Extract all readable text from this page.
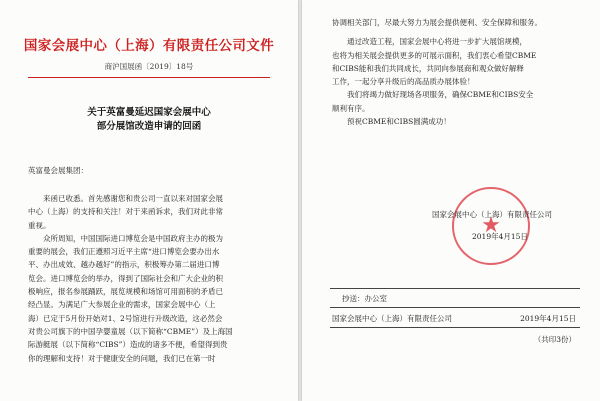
国家会展中心（上海）有限责任公司文件
商沪国展函〔2019〕18号
关于英富曼延迟国家会展中心
部分展馆改造申请的回函
英富曼会展集团：

来函已收悉。首先感谢您和贵公司一直以来对国家会展
中心（上海）的支持和关注！对于来函诉求，我们对此非常
重视。

众所周知，中国国际进口博览会是中国政府主办的极为
重要的展会，我们正遵照习近平主席“进口博览会要办出水
平、办出成效、越办越好”的指示，积极筹办第二届进口博
览会。进口博览会的举办，得到了国际社会和广大企业的积
极响应，报名参展踊跃，展览规模和场馆可用面积的矛盾已
经凸显。为满足广大参展企业的需求，国家会展中心（上
海）已定于5月份开始对1、2号馆进行升级改造，这必然会
对贵公司旗下的中国孕婴童展（以下简称“CBME”）及上海国
际游艇展（以下简称“CIBS”）造成的诸多不便，希望得到贵
你的理解和支持！对于健康安全的问题，我们已在第一时

协调相关部门，尽最大努力为展会提供便利、安全保障和服务。

通过改造工程，国家会展中心将进一步扩大展馆规模，
也将为相关展会提供更多的可展示面积，我们衷心希望CBME
和CIBS能和我们共同成长，共同向参展商和观众做好解释
工作，一起分享升级后的高品质办展体验！

我们将竭力做好现场各项服务，确保CBME和CIBS安全
顺利有序。

预祝CBME和CIBS圆满成功！

★
国家会展中心（上海）有限责任公司
2019年4月15日
抄送：办公室
国家会展中心（上海）有限责任公司	2019年4月15日
（共印3份）
